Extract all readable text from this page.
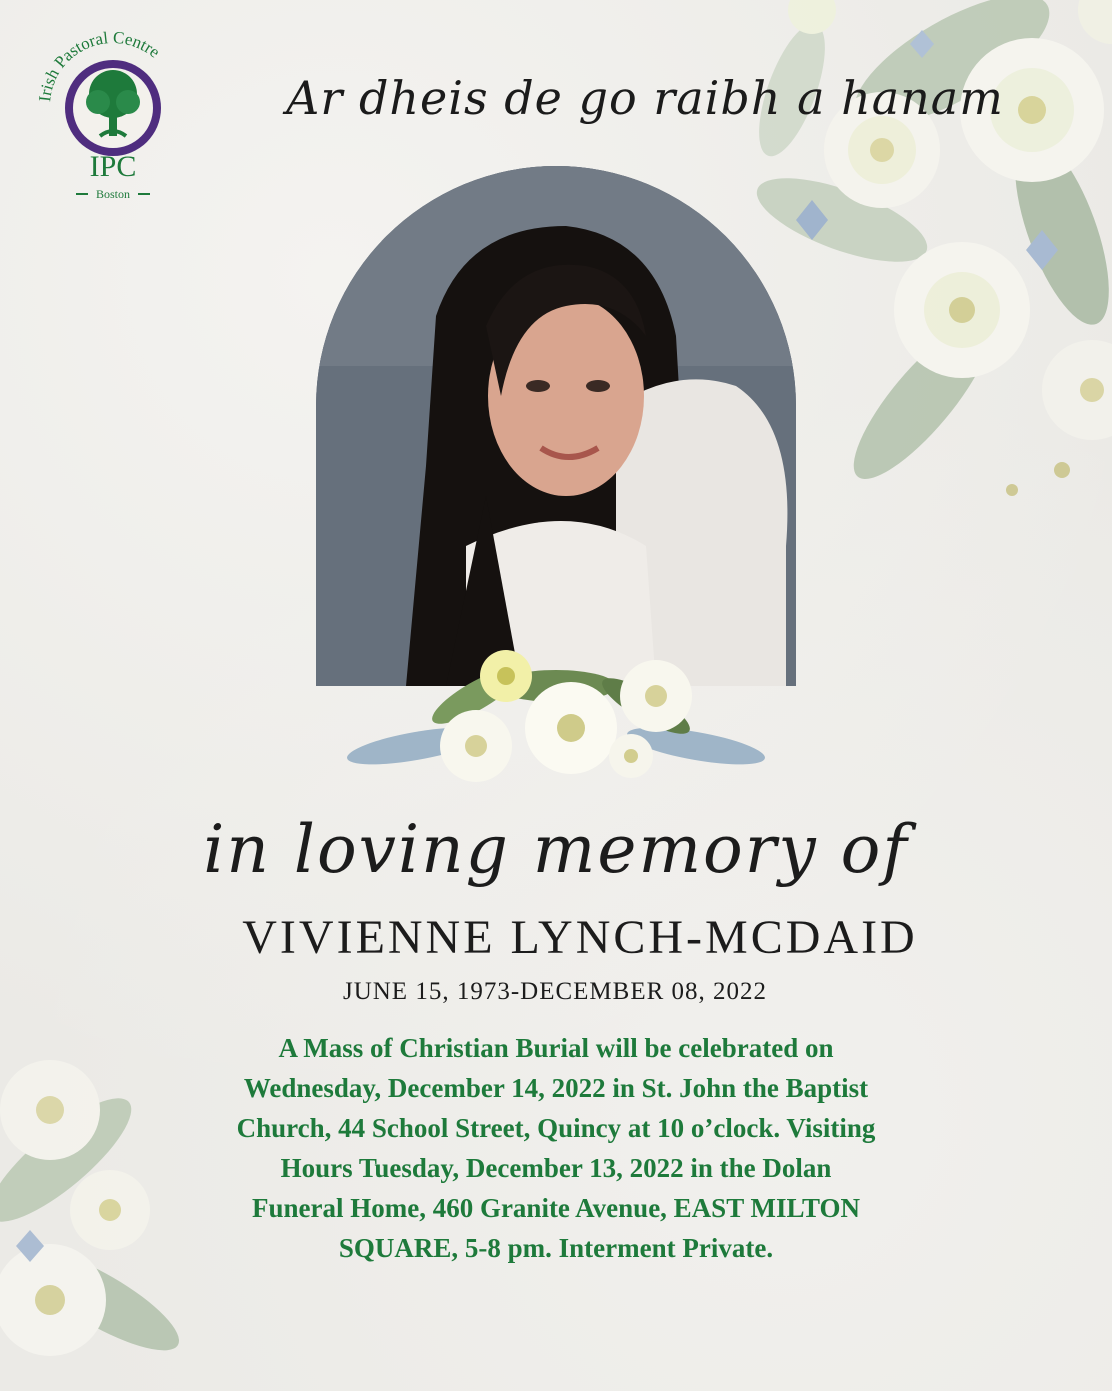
Irish Pastoral Centre
IPC
Boston
Ar dheis de go raibh a hanam
in loving memory of
VIVIENNE LYNCH-MCDAID
JUNE 15, 1973-DECEMBER 08, 2022
A Mass of Christian Burial will be celebrated on
Wednesday, December 14, 2022 in St. John the Baptist
Church, 44 School Street, Quincy at 10 o’clock. Visiting
Hours Tuesday, December 13, 2022 in the Dolan
Funeral Home, 460 Granite Avenue, EAST MILTON
SQUARE, 5-8 pm. Interment Private.
